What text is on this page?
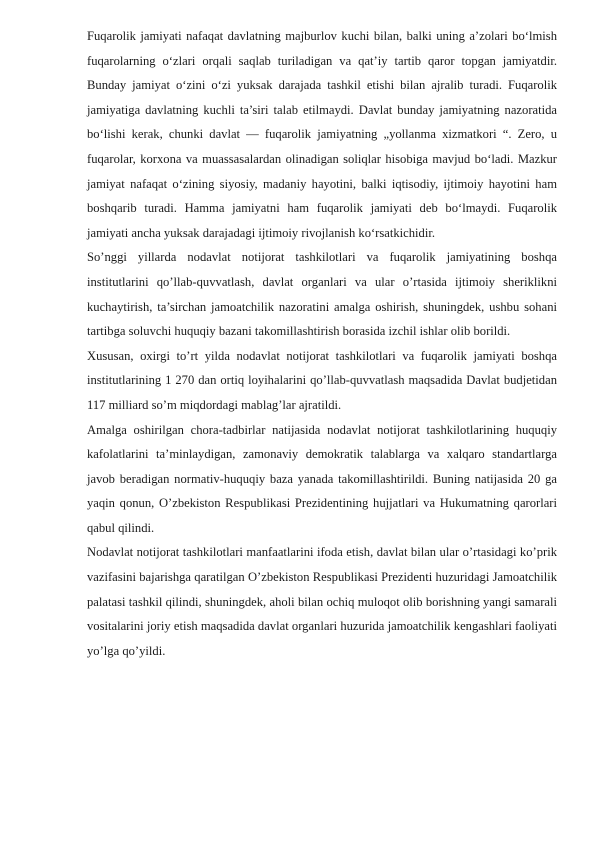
Fuqarolik jamiyati nafaqat davlatning majburlov kuchi bilan, balki uning a’zolari bo‘lmish fuqarolarning o‘zlari orqali saqlab turiladigan va qat’iy tartib qaror topgan jamiyatdir. Bunday jamiyat o‘zini o‘zi yuksak darajada tashkil etishi bilan ajralib turadi. Fuqarolik jamiyatiga davlatning kuchli ta’siri talab etilmaydi. Davlat bunday jamiyatning nazoratida bo‘lishi kerak, chunki davlat — fuqarolik jamiyatning „yollanma xizmatkori “. Zero, u fuqarolar, korxona va muassasalardan olinadigan soliqlar hisobiga mavjud bo‘ladi. Mazkur jamiyat nafaqat o‘zining siyosiy, madaniy hayotini, balki iqtisodiy, ijtimoiy hayotini ham boshqarib turadi. Hamma jamiyatni ham fuqarolik jamiyati deb bo‘lmaydi. Fuqarolik jamiyati ancha yuksak darajadagi ijtimoiy rivojlanish ko‘rsatkichidir.

So’nggi yillarda nodavlat notijorat tashkilotlari va fuqarolik jamiyatining boshqa institutlarini qo’llab-quvvatlash, davlat organlari va ular o’rtasida ijtimoiy sheriklikni kuchaytirish, ta’sirchan jamoatchilik nazoratini amalga oshirish, shuningdek, ushbu sohani tartibga soluvchi huquqiy bazani takomillashtirish borasida izchil ishlar olib borildi.

Xususan, oxirgi to’rt yilda nodavlat notijorat tashkilotlari va fuqarolik jamiyati boshqa institutlarining 1 270 dan ortiq loyihalarini qo’llab-quvvatlash maqsadida Davlat budjetidan 117 milliard so’m miqdordagi mablag’lar ajratildi.

Amalga oshirilgan chora-tadbirlar natijasida nodavlat notijorat tashkilotlarining huquqiy kafolatlarini ta’minlaydigan, zamonaviy demokratik talablarga va xalqaro standartlarga javob beradigan normativ-huquqiy baza yanada takomillashtirildi. Buning natijasida 20 ga yaqin qonun, O’zbekiston Respublikasi Prezidentining hujjatlari va Hukumatning qarorlari qabul qilindi.

Nodavlat notijorat tashkilotlari manfaatlarini ifoda etish, davlat bilan ular o’rtasidagi ko’prik vazifasini bajarishga qaratilgan O’zbekiston Respublikasi Prezidenti huzuridagi Jamoatchilik palatasi tashkil qilindi, shuningdek, aholi bilan ochiq muloqot olib borishning yangi samarali vositalarini joriy etish maqsadida davlat organlari huzurida jamoatchilik kengashlari faoliyati yo’lga qo’yildi.
